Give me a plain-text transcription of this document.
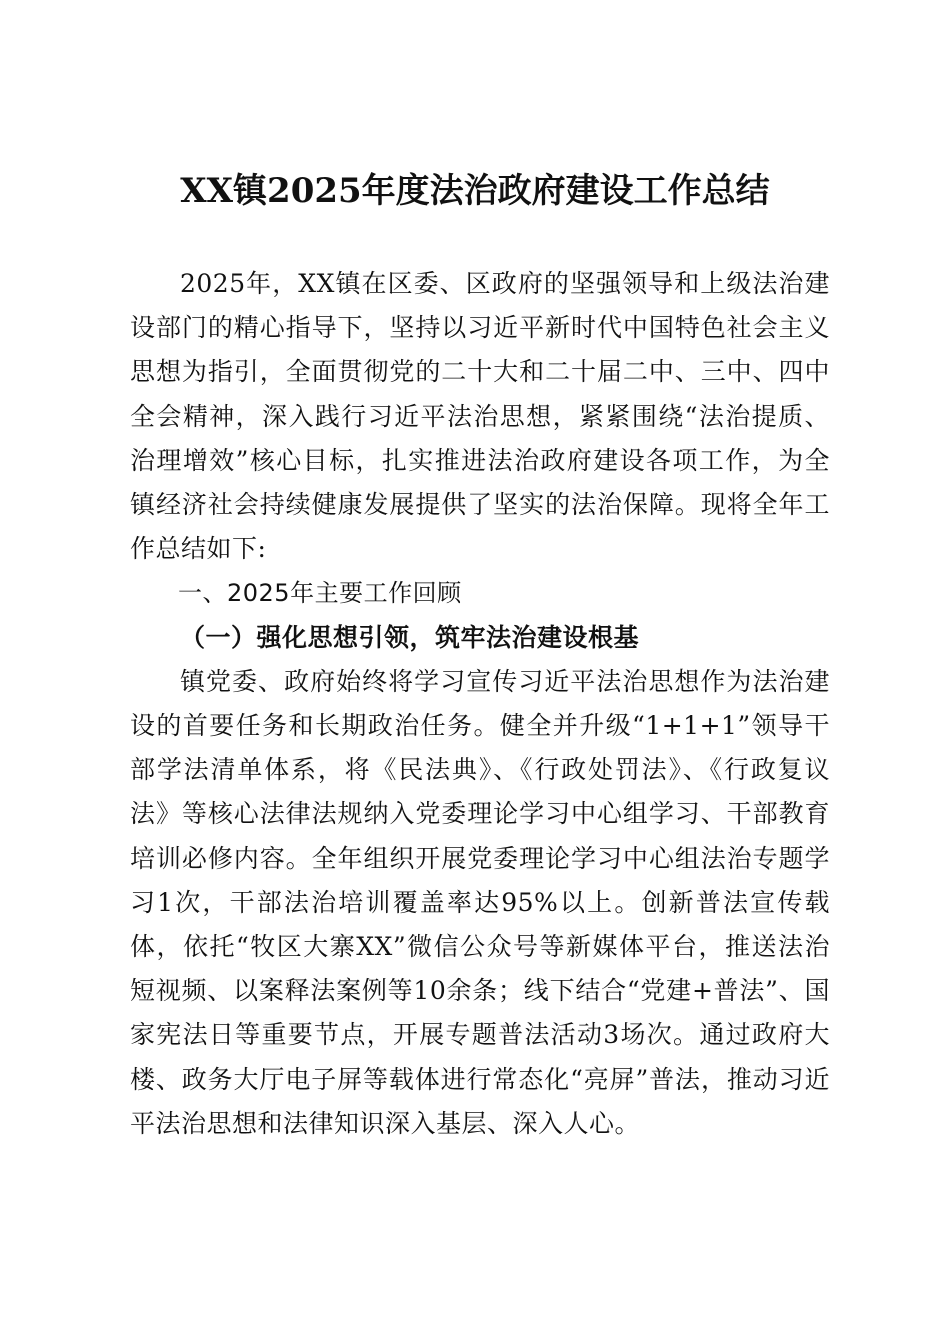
XX镇2025年度法治政府建设工作总结

2025年，XX镇在区委、区政府的坚强领导和上级法治建设部门的精心指导下，坚持以习近平新时代中国特色社会主义思想为指引，全面贯彻党的二十大和二十届二中、三中、四中全会精神，深入践行习近平法治思想，紧紧围绕“法治提质、治理增效”核心目标，扎实推进法治政府建设各项工作，为全镇经济社会持续健康发展提供了坚实的法治保障。现将全年工作总结如下:

一、2025年主要工作回顾

（一）强化思想引领，筑牢法治建设根基

镇党委、政府始终将学习宣传习近平法治思想作为法治建设的首要任务和长期政治任务。健全并升级“1+1+1”领导干部学法清单体系，将《民法典》、《行政处罚法》、《行政复议法》等核心法律法规纳入党委理论学习中心组学习、干部教育培训必修内容。全年组织开展党委理论学习中心组法治专题学习1次，干部法治培训覆盖率达95%以上。创新普法宣传载体，依托“牧区大寨XX”微信公众号等新媒体平台，推送法治短视频、以案释法案例等10余条；线下结合“党建+普法”、国家宪法日等重要节点，开展专题普法活动3场次。通过政府大楼、政务大厅电子屏等载体进行常态化“亮屏”普法，推动习近平法治思想和法律知识深入基层、深入人心。
